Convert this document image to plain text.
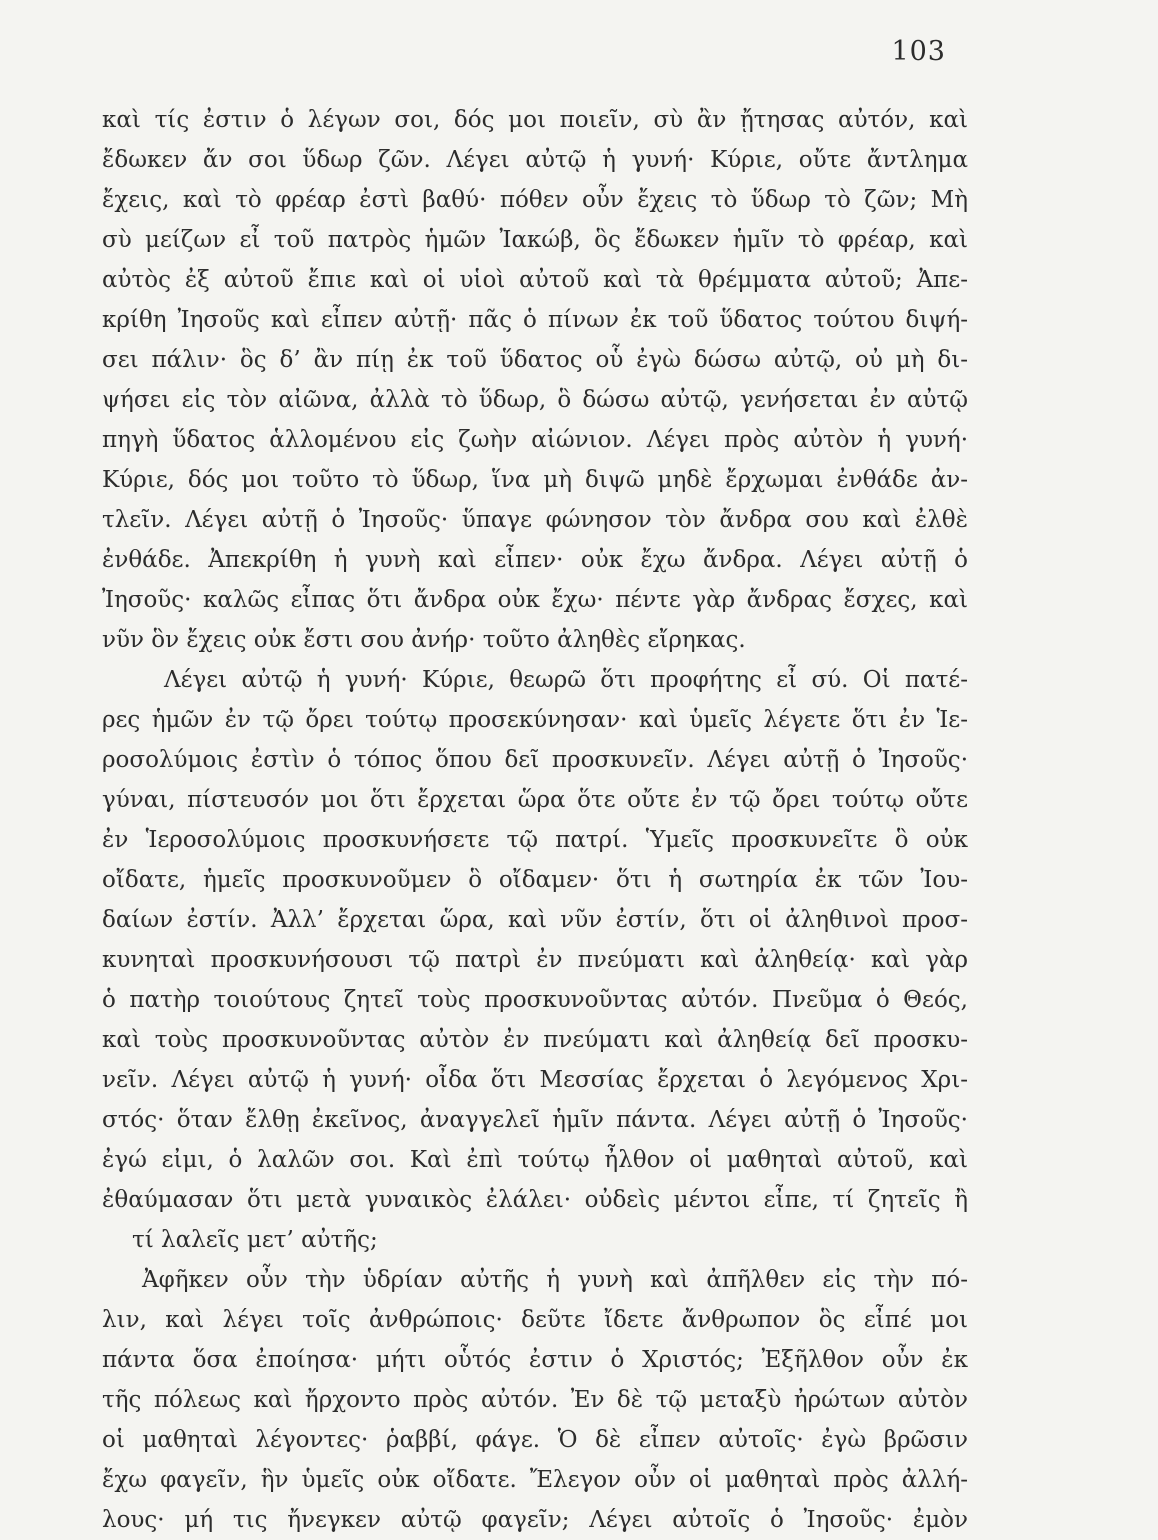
103
καὶ τίς ἐστιν ὁ λέγων σοι, δός μοι ποιεῖν, σὺ ἂν ᾔτησας αὐτόν, καὶ
ἔδωκεν ἄν σοι ὕδωρ ζῶν. Λέγει αὐτῷ ἡ γυνή· Κύριε, οὔτε ἄντλημα
ἔχεις, καὶ τὸ φρέαρ ἐστὶ βαθύ· πόθεν οὖν ἔχεις τὸ ὕδωρ τὸ ζῶν; Μὴ
σὺ μείζων εἶ τοῦ πατρὸς ἡμῶν Ἰακώβ, ὃς ἔδωκεν ἡμῖν τὸ φρέαρ, καὶ
αὐτὸς ἐξ αὐτοῦ ἔπιε καὶ οἱ υἱοὶ αὐτοῦ καὶ τὰ θρέμματα αὐτοῦ; Ἀπε-
κρίθη Ἰησοῦς καὶ εἶπεν αὐτῇ· πᾶς ὁ πίνων ἐκ τοῦ ὕδατος τούτου διψή-
σει πάλιν· ὃς δ’ ἂν πίῃ ἐκ τοῦ ὕδατος οὗ ἐγὼ δώσω αὐτῷ, οὐ μὴ δι-
ψήσει εἰς τὸν αἰῶνα, ἀλλὰ τὸ ὕδωρ, ὃ δώσω αὐτῷ, γενήσεται ἐν αὐτῷ
πηγὴ ὕδατος ἁλλομένου εἰς ζωὴν αἰώνιον. Λέγει πρὸς αὐτὸν ἡ γυνή·
Κύριε, δός μοι τοῦτο τὸ ὕδωρ, ἵνα μὴ διψῶ μηδὲ ἔρχωμαι ἐνθάδε ἀν-
τλεῖν. Λέγει αὐτῇ ὁ Ἰησοῦς· ὕπαγε φώνησον τὸν ἄνδρα σου καὶ ἐλθὲ
ἐνθάδε. Ἀπεκρίθη ἡ γυνὴ καὶ εἶπεν· οὐκ ἔχω ἄνδρα. Λέγει αὐτῇ ὁ
Ἰησοῦς· καλῶς εἶπας ὅτι ἄνδρα οὐκ ἔχω· πέντε γὰρ ἄνδρας ἔσχες, καὶ
νῦν ὃν ἔχεις οὐκ ἔστι σου ἀνήρ· τοῦτο ἀληθὲς εἴρηκας.
Λέγει αὐτῷ ἡ γυνή· Κύριε, θεωρῶ ὅτι προφήτης εἶ σύ. Οἱ πατέ-
ρες ἡμῶν ἐν τῷ ὄρει τούτῳ προσεκύνησαν· καὶ ὑμεῖς λέγετε ὅτι ἐν Ἱε-
ροσολύμοις ἐστὶν ὁ τόπος ὅπου δεῖ προσκυνεῖν. Λέγει αὐτῇ ὁ Ἰησοῦς·
γύναι, πίστευσόν μοι ὅτι ἔρχεται ὥρα ὅτε οὔτε ἐν τῷ ὄρει τούτῳ οὔτε
ἐν Ἱεροσολύμοις προσκυνήσετε τῷ πατρί. Ὑμεῖς προσκυνεῖτε ὃ οὐκ
οἴδατε, ἡμεῖς προσκυνοῦμεν ὃ οἴδαμεν· ὅτι ἡ σωτηρία ἐκ τῶν Ἰου-
δαίων ἐστίν. Ἀλλ’ ἔρχεται ὥρα, καὶ νῦν ἐστίν, ὅτι οἱ ἀληθινοὶ προσ-
κυνηταὶ προσκυνήσουσι τῷ πατρὶ ἐν πνεύματι καὶ ἀληθείᾳ· καὶ γὰρ
ὁ πατὴρ τοιούτους ζητεῖ τοὺς προσκυνοῦντας αὐτόν. Πνεῦμα ὁ Θεός,
καὶ τοὺς προσκυνοῦντας αὐτὸν ἐν πνεύματι καὶ ἀληθείᾳ δεῖ προσκυ-
νεῖν. Λέγει αὐτῷ ἡ γυνή· οἶδα ὅτι Μεσσίας ἔρχεται ὁ λεγόμενος Χρι-
στός· ὅταν ἔλθῃ ἐκεῖνος, ἀναγγελεῖ ἡμῖν πάντα. Λέγει αὐτῇ ὁ Ἰησοῦς·
ἐγώ εἰμι, ὁ λαλῶν σοι. Καὶ ἐπὶ τούτῳ ἦλθον οἱ μαθηταὶ αὐτοῦ, καὶ
ἐθαύμασαν ὅτι μετὰ γυναικὸς ἐλάλει· οὐδεὶς μέντοι εἶπε, τί ζητεῖς ἢ
τί λαλεῖς μετ’ αὐτῆς;
Ἀφῆκεν οὖν τὴν ὑδρίαν αὐτῆς ἡ γυνὴ καὶ ἀπῆλθεν εἰς τὴν πό-
λιν, καὶ λέγει τοῖς ἀνθρώποις· δεῦτε ἴδετε ἄνθρωπον ὃς εἶπέ μοι
πάντα ὅσα ἐποίησα· μήτι οὗτός ἐστιν ὁ Χριστός; Ἐξῆλθον οὖν ἐκ
τῆς πόλεως καὶ ἤρχοντο πρὸς αὐτόν. Ἐν δὲ τῷ μεταξὺ ἠρώτων αὐτὸν
οἱ μαθηταὶ λέγοντες· ῥαββί, φάγε. Ὁ δὲ εἶπεν αὐτοῖς· ἐγὼ βρῶσιν
ἔχω φαγεῖν, ἣν ὑμεῖς οὐκ οἴδατε. Ἔλεγον οὖν οἱ μαθηταὶ πρὸς ἀλλή-
λους· μή τις ἤνεγκεν αὐτῷ φαγεῖν; Λέγει αὐτοῖς ὁ Ἰησοῦς· ἐμὸν
